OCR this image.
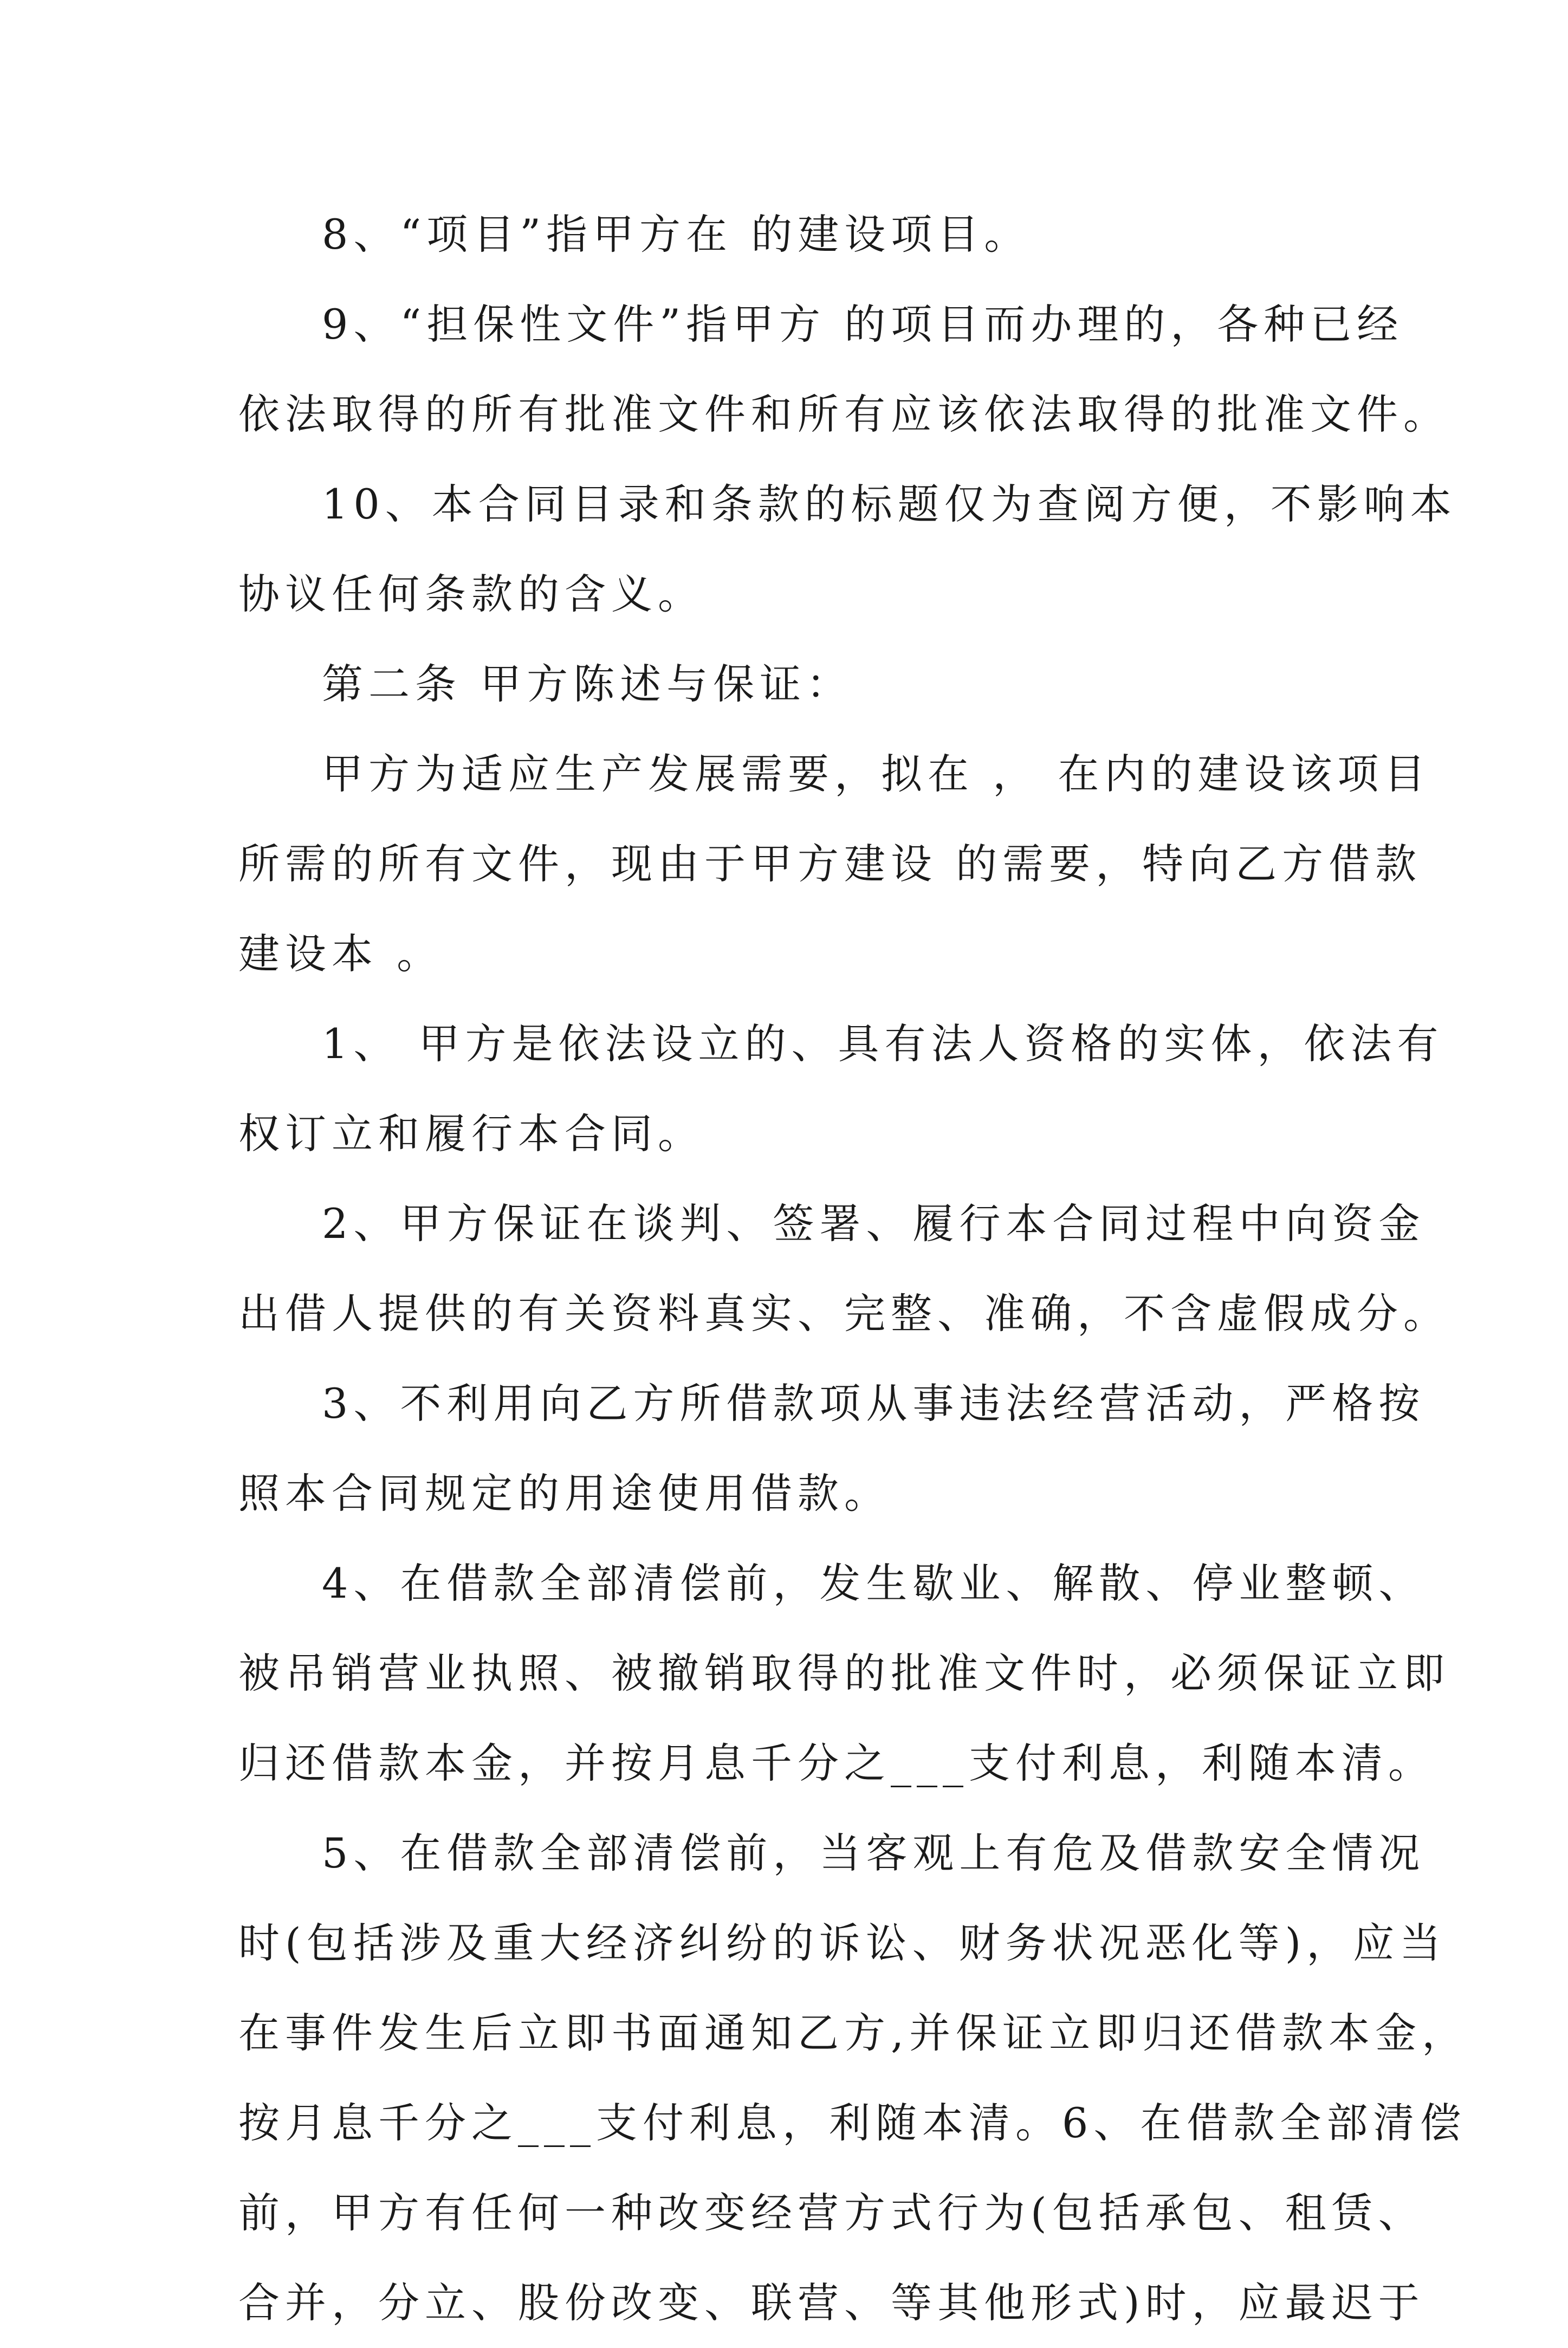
8、“项目”指甲方在 的建设项目。
9、“担保性文件”指甲方 的项目而办理的，各种已经
依法取得的所有批准文件和所有应该依法取得的批准文件。
10、本合同目录和条款的标题仅为查阅方便，不影响本
协议任何条款的含义。
第二条 甲方陈述与保证：
甲方为适应生产发展需要，拟在 ， 在内的建设该项目
所需的所有文件，现由于甲方建设 的需要，特向乙方借款
建设本 。
1、 甲方是依法设立的、具有法人资格的实体，依法有
权订立和履行本合同。
2、甲方保证在谈判、签署、履行本合同过程中向资金
出借人提供的有关资料真实、完整、准确，不含虚假成分。
3、不利用向乙方所借款项从事违法经营活动，严格按
照本合同规定的用途使用借款。
4、在借款全部清偿前，发生歇业、解散、停业整顿、
被吊销营业执照、被撤销取得的批准文件时，必须保证立即
归还借款本金，并按月息千分之___支付利息，利随本清。
5、在借款全部清偿前，当客观上有危及借款安全情况
时(包括涉及重大经济纠纷的诉讼、财务状况恶化等)，应当
在事件发生后立即书面通知乙方,并保证立即归还借款本金，
按月息千分之___支付利息，利随本清。6、在借款全部清偿
前，甲方有任何一种改变经营方式行为(包括承包、租赁、
合并，分立、股份改变、联营、等其他形式)时，应最迟于
